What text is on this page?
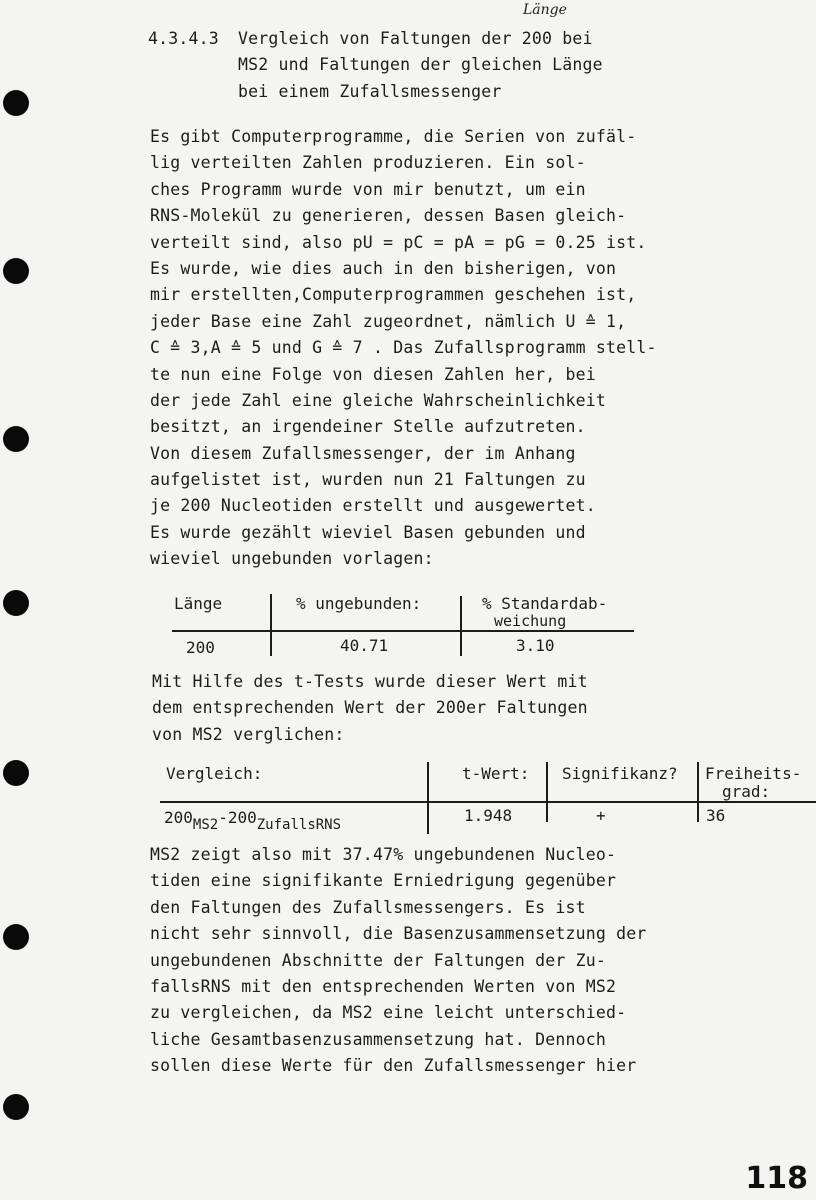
4.3.4.3 Vergleich von Faltungen der 200 bei
Länge
MS2 und Faltungen der gleichen Länge
bei einem Zufallsmessenger
Es gibt Computerprogramme, die Serien von zufäl-
lig verteilten Zahlen produzieren. Ein sol-
ches Programm wurde von mir benutzt, um ein
RNS-Molekül zu generieren, dessen Basen gleich-
verteilt sind, also pU = pC = pA = pG = 0.25 ist.
Es wurde, wie dies auch in den bisherigen, von
mir erstellten,Computerprogrammen geschehen ist,
jeder Base eine Zahl zugeordnet, nämlich U ≙ 1,
C ≙ 3,A ≙ 5 und G ≙ 7 . Das Zufallsprogramm stell-
te nun eine Folge von diesen Zahlen her, bei
der jede Zahl eine gleiche Wahrscheinlichkeit
besitzt, an irgendeiner Stelle aufzutreten.
Von diesem Zufallsmessenger, der im Anhang
aufgelistet ist, wurden nun 21 Faltungen zu
je 200 Nucleotiden erstellt und ausgewertet.
Es wurde gezählt wieviel Basen gebunden und
wieviel ungebunden vorlagen:
Länge	% ungebunden:	% Standardab-
weichung
200	40.71	3.10
Mit Hilfe des t-Tests wurde dieser Wert mit
dem entsprechenden Wert der 200er Faltungen
von MS2 verglichen:
Vergleich:	t-Wert: Signifikanz? Freiheits-
grad:
200MS2-200ZufallsRNS	1.948	+	36
MS2 zeigt also mit 37.47% ungebundenen Nucleo-
tiden eine signifikante Erniedrigung gegenüber
den Faltungen des Zufallsmessengers. Es ist
nicht sehr sinnvoll, die Basenzusammensetzung der
ungebundenen Abschnitte der Faltungen der Zu-
fallsRNS mit den entsprechenden Werten von MS2
zu vergleichen, da MS2 eine leicht unterschied-
liche Gesamtbasenzusammensetzung hat. Dennoch
sollen diese Werte für den Zufallsmessenger hier
118
